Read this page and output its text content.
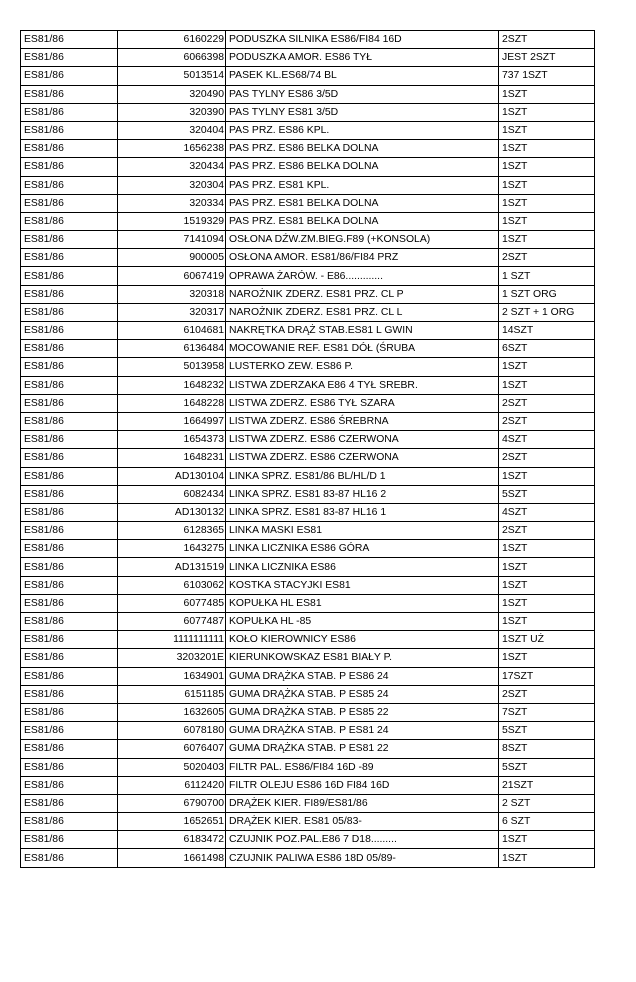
ES81/86	6160229	PODUSZKA SILNIKA ES86/FI84 16D	2SZT
ES81/86	6066398	PODUSZKA AMOR. ES86 TYŁ	JEST 2SZT
ES81/86	5013514	PASEK KL.ES68/74 BL	737 1SZT
ES81/86	320490	PAS TYLNY ES86 3/5D	1SZT
ES81/86	320390	PAS TYLNY ES81 3/5D	1SZT
ES81/86	320404	PAS PRZ. ES86 KPL.	1SZT
ES81/86	1656238	PAS PRZ. ES86 BELKA DOLNA	1SZT
ES81/86	320434	PAS PRZ. ES86 BELKA DOLNA	1SZT
ES81/86	320304	PAS PRZ. ES81 KPL.	1SZT
ES81/86	320334	PAS PRZ. ES81 BELKA DOLNA	1SZT
ES81/86	1519329	PAS PRZ. ES81 BELKA DOLNA	1SZT
ES81/86	7141094	OSŁONA DŹW.ZM.BIEG.F89 (+KONSOLA)	1SZT
ES81/86	900005	OSŁONA AMOR. ES81/86/FI84 PRZ	2SZT
ES81/86	6067419	OPRAWA ŻARÓW. - E86.............	1 SZT
ES81/86	320318	NAROŻNIK ZDERZ. ES81 PRZ. CL P	1 SZT ORG
ES81/86	320317	NAROŻNIK ZDERZ. ES81 PRZ. CL L	2 SZT + 1 ORG
ES81/86	6104681	NAKRĘTKA DRĄŻ STAB.ES81 L GWIN	14SZT
ES81/86	6136484	MOCOWANIE REF. ES81 DÓŁ (ŚRUBA	6SZT
ES81/86	5013958	LUSTERKO ZEW. ES86 P.	1SZT
ES81/86	1648232	LISTWA ZDERZAKA E86 4 TYŁ SREBR.	1SZT
ES81/86	1648228	LISTWA ZDERZ. ES86 TYŁ SZARA	2SZT
ES81/86	1664997	LISTWA ZDERZ. ES86 ŚREBRNA	2SZT
ES81/86	1654373	LISTWA ZDERZ. ES86 CZERWONA	4SZT
ES81/86	1648231	LISTWA ZDERZ. ES86 CZERWONA	2SZT
ES81/86	AD130104	LINKA SPRZ. ES81/86 BL/HL/D 1	1SZT
ES81/86	6082434	LINKA SPRZ. ES81 83-87 HL16 2	5SZT
ES81/86	AD130132	LINKA SPRZ. ES81 83-87 HL16 1	4SZT
ES81/86	6128365	LINKA MASKI ES81	2SZT
ES81/86	1643275	LINKA LICZNIKA ES86 GÓRA	1SZT
ES81/86	AD131519	LINKA LICZNIKA ES86	1SZT
ES81/86	6103062	KOSTKA STACYJKI ES81	1SZT
ES81/86	6077485	KOPUŁKA HL ES81	1SZT
ES81/86	6077487	KOPUŁKA HL -85	1SZT
ES81/86	1111111111	KOŁO KIEROWNICY ES86	1SZT UŻ
ES81/86	3203201E	KIERUNKOWSKAZ ES81 BIAŁY P.	1SZT
ES81/86	1634901	GUMA DRĄŻKA STAB. P ES86 24	17SZT
ES81/86	6151185	GUMA DRĄŻKA STAB. P ES85 24	2SZT
ES81/86	1632605	GUMA DRĄŻKA STAB. P ES85 22	7SZT
ES81/86	6078180	GUMA DRĄŻKA STAB. P ES81 24	5SZT
ES81/86	6076407	GUMA DRĄŻKA STAB. P ES81 22	8SZT
ES81/86	5020403	FILTR PAL. ES86/FI84 16D -89	5SZT
ES81/86	6112420	FILTR OLEJU ES86 16D FI84 16D	21SZT
ES81/86	6790700	DRĄŻEK KIER. FI89/ES81/86	2 SZT
ES81/86	1652651	DRĄŻEK KIER. ES81 05/83-	6 SZT
ES81/86	6183472	CZUJNIK POZ.PAL.E86 7 D18.........	1SZT
ES81/86	1661498	CZUJNIK PALIWA ES86 18D 05/89-	1SZT
